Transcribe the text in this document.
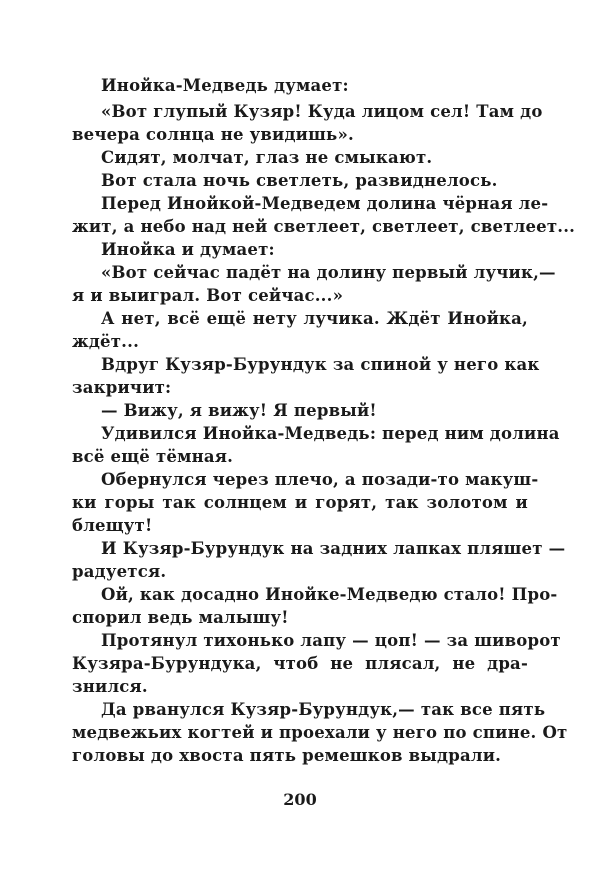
Инойка-Медведь думает:
«Вот глупый Кузяр! Куда лицом сел! Там до
вечера солнца не увидишь».
Сидят, молчат, глаз не смыкают.
Вот стала ночь светлеть, развиднелось.
Перед Инойкой-Медведем долина чёрная ле-
жит, а небо над ней светлеет, светлеет, светлеет...
Инойка и думает:
«Вот сейчас падёт на долину первый лучик,—
я и выиграл. Вот сейчас...»
А нет, всё ещё нету лучика. Ждёт Инойка,
ждёт...
Вдруг Кузяр-Бурундук за спиной у него как
закричит:
— Вижу, я вижу! Я первый!
Удивился Инойка-Медведь: перед ним долина
всё ещё тёмная.
Обернулся через плечо, а позади-то макуш-
ки горы так солнцем и горят, так золотом и
блещут!
И Кузяр-Бурундук на задних лапках пляшет —
радуется.
Ой, как досадно Инойке-Медведю стало! Про-
спорил ведь малышу!
Протянул тихонько лапу — цоп! — за шиворот
Кузяра-Бурундука, чтоб не плясал, не дра-
знился.
Да рванулся Кузяр-Бурундук,— так все пять
медвежьих когтей и проехали у него по спине. От
головы до хвоста пять ремешков выдрали.
200
